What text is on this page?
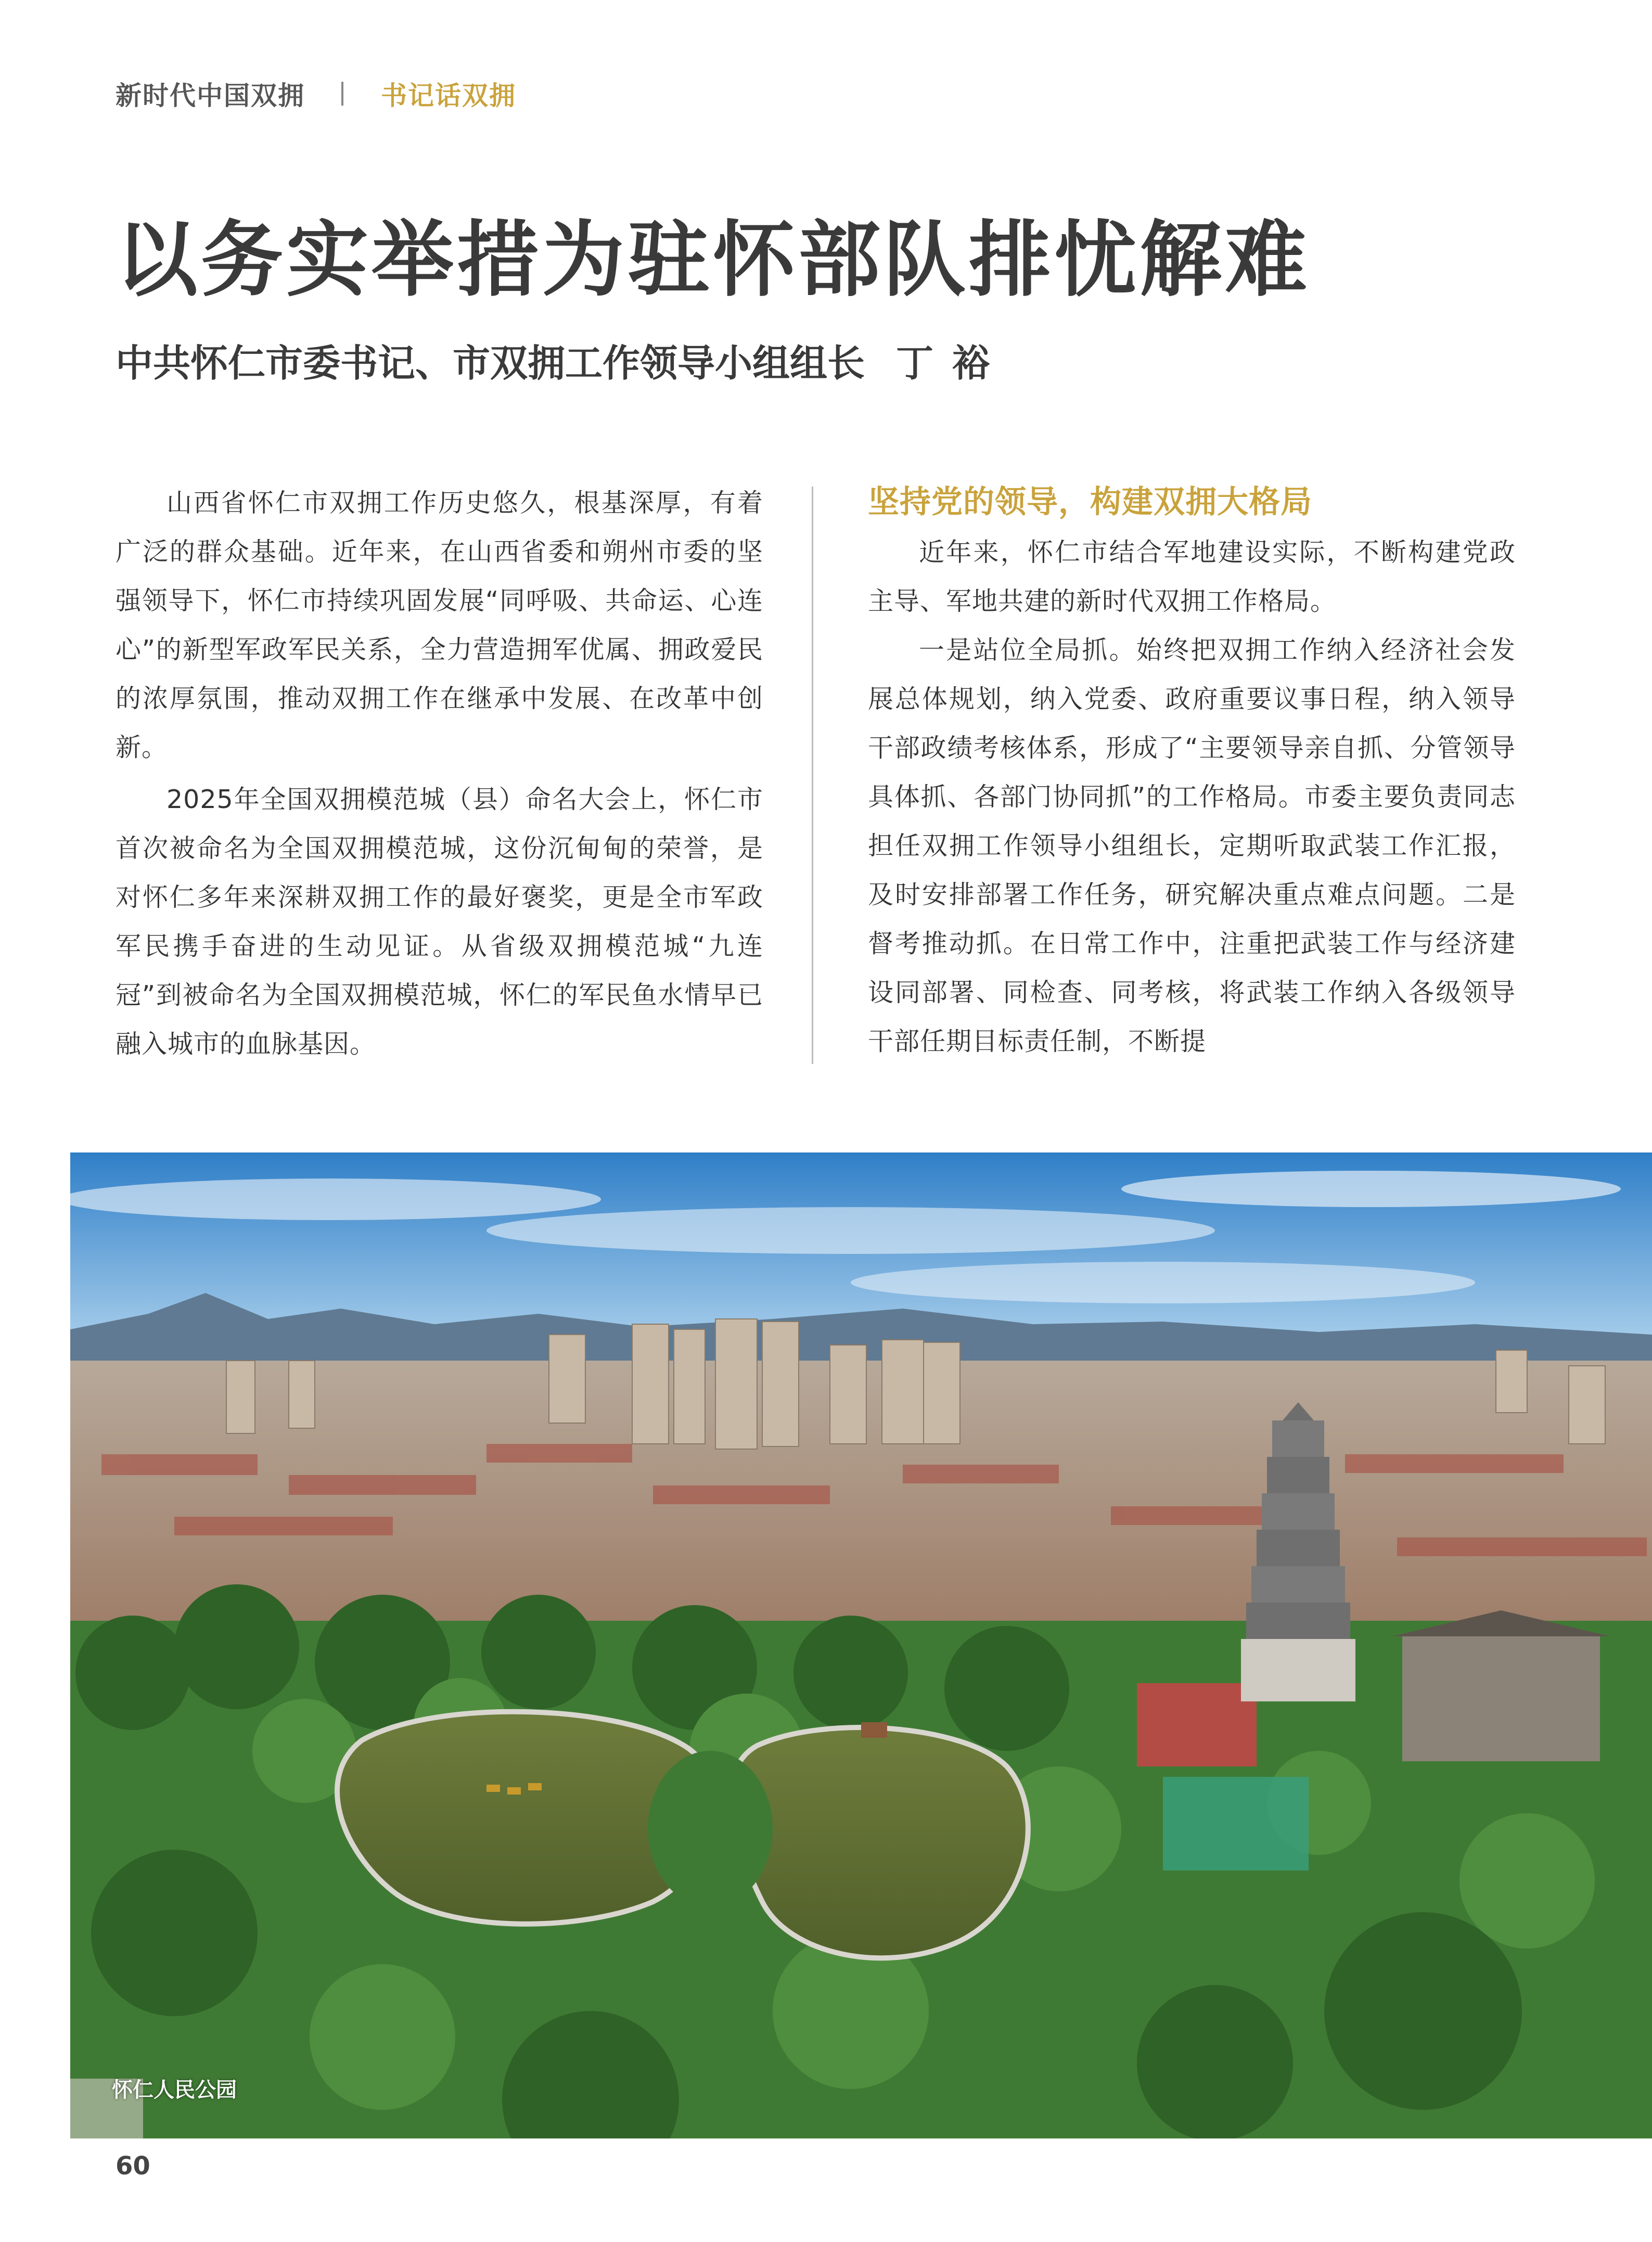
新时代中国双拥	书记话双拥
以务实举措为驻怀部队排忧解难

中共怀仁市委书记、市双拥工作领导小组组长 丁裕

山西省怀仁市双拥工作历史悠久，根基深厚，有着广泛的群众基础。近年来，在山西省委和朔州市委的坚强领导下，怀仁市持续巩固发展“同呼吸、共命运、心连心”的新型军政军民关系，全力营造拥军优属、拥政爱民的浓厚氛围，推动双拥工作在继承中发展、在改革中创新。

2025年全国双拥模范城（县）命名大会上，怀仁市首次被命名为全国双拥模范城，这份沉甸甸的荣誉，是对怀仁多年来深耕双拥工作的最好褒奖，更是全市军政军民携手奋进的生动见证。从省级双拥模范城“九连冠”到被命名为全国双拥模范城，怀仁的军民鱼水情早已融入城市的血脉基因。

坚持党的领导，构建双拥大格局

近年来，怀仁市结合军地建设实际，不断构建党政主导、军地共建的新时代双拥工作格局。

一是站位全局抓。始终把双拥工作纳入经济社会发展总体规划，纳入党委、政府重要议事日程，纳入领导干部政绩考核体系，形成了“主要领导亲自抓、分管领导具体抓、各部门协同抓”的工作格局。市委主要负责同志担任双拥工作领导小组组长，定期听取武装工作汇报，及时安排部署工作任务，研究解决重点难点问题。二是督考推动抓。在日常工作中，注重把武装工作与经济建设同部署、同检查、同考核，将武装工作纳入各级领导干部任期目标责任制，不断提

怀仁人民公园
60
